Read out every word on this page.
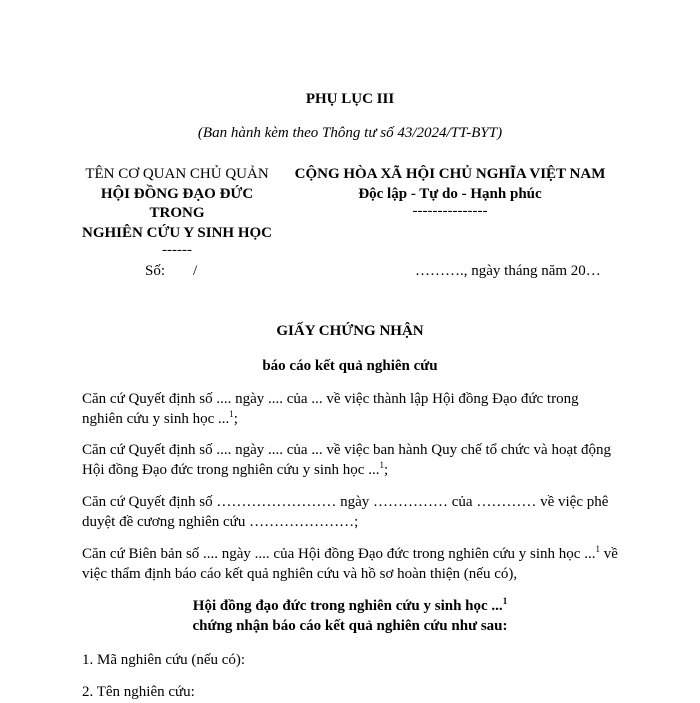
PHỤ LỤC III
(Ban hành kèm theo Thông tư số 43/2024/TT-BYT)
TÊN CƠ QUAN CHỦ QUẢN
HỘI ĐỒNG ĐẠO ĐỨC
TRONG
NGHIÊN CỨU Y SINH HỌC
------
CỘNG HÒA XÃ HỘI CHỦ NGHĨA VIỆT NAM
Độc lập - Tự do - Hạnh phúc
---------------
Số: /	………., ngày tháng năm 20…
GIẤY CHỨNG NHẬN
báo cáo kết quả nghiên cứu
Căn cứ Quyết định số .... ngày .... của ... về việc thành lập Hội đồng Đạo đức trong
nghiên cứu y sinh học ...$^1$;
Căn cứ Quyết định số .... ngày .... của ... về việc ban hành Quy chế tổ chức và hoạt động
Hội đồng Đạo đức trong nghiên cứu y sinh học ...$^1$;
Căn cứ Quyết định số …………………… ngày …………… của ………… về việc phê
duyệt đề cương nghiên cứu …………………;
Căn cứ Biên bản số .... ngày .... của Hội đồng Đạo đức trong nghiên cứu y sinh học ...$^1$ về
việc thẩm định báo cáo kết quả nghiên cứu và hồ sơ hoàn thiện (nếu có),
Hội đồng đạo đức trong nghiên cứu y sinh học ...$^1$
chứng nhận báo cáo kết quả nghiên cứu như sau:
1. Mã nghiên cứu (nếu có):
2. Tên nghiên cứu:
